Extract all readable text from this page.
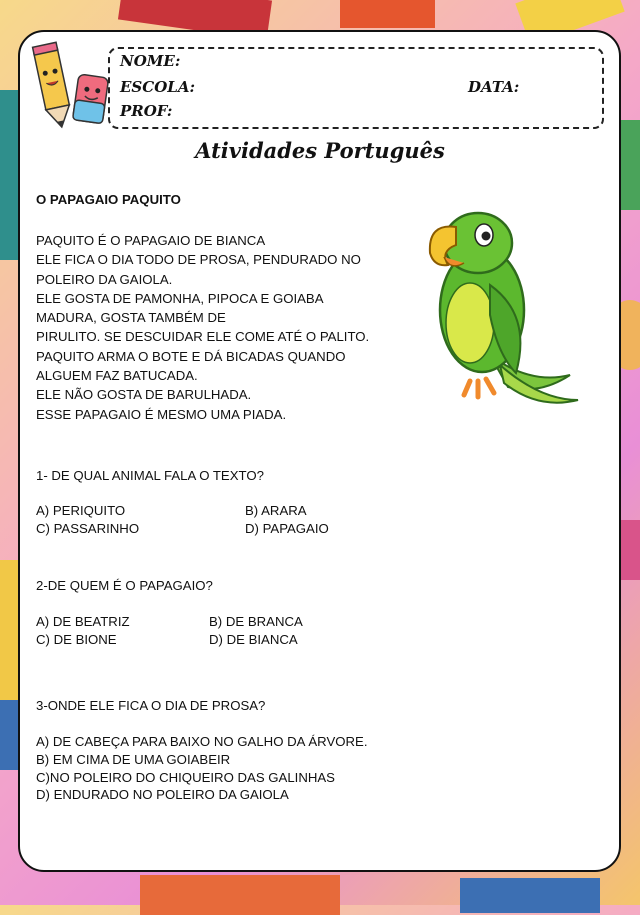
NOME:
ESCOLA:	DATA:
PROF:
Atividades Português
O PAPAGAIO PAQUITO
PAQUITO É O PAPAGAIO DE BIANCA
ELE FICA O DIA TODO DE PROSA, PENDURADO NO
POLEIRO DA GAIOLA.
ELE GOSTA DE PAMONHA, PIPOCA E GOIABA
MADURA, GOSTA TAMBÉM DE
PIRULITO. SE DESCUIDAR ELE COME ATÉ O PALITO.
PAQUITO ARMA O BOTE E DÁ BICADAS QUANDO
ALGUEM FAZ BATUCADA.
ELE NÃO GOSTA DE BARULHADA.
ESSE PAPAGAIO É MESMO UMA PIADA.
1- DE QUAL ANIMAL FALA O TEXTO?
A) PERIQUITO	B) ARARA
C) PASSARINHO	D) PAPAGAIO
2-DE QUEM É O PAPAGAIO?
A) DE BEATRIZ	B) DE BRANCA
C) DE BIONE	D) DE BIANCA
3-ONDE ELE FICA O DIA DE PROSA?
A) DE CABEÇA PARA BAIXO NO GALHO DA ÁRVORE.
B) EM CIMA DE UMA GOIABEIR
C)NO POLEIRO DO CHIQUEIRO DAS GALINHAS
D) ENDURADO NO POLEIRO DA GAIOLA
